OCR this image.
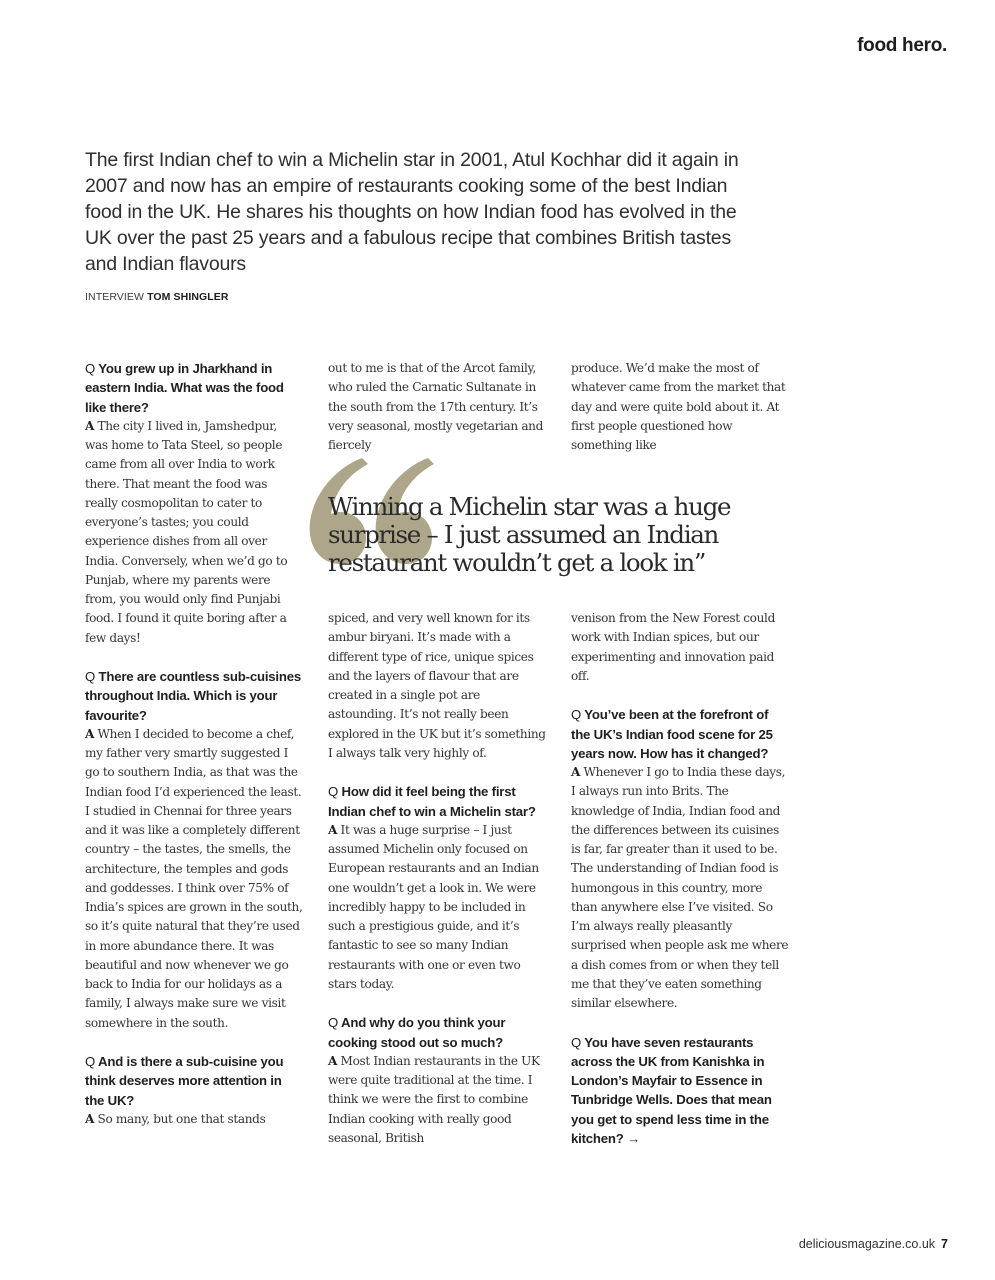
food hero.

The first Indian chef to win a Michelin star in 2001, Atul Kochhar did it again in 2007 and now has an empire of restaurants cooking some of the best Indian food in the UK. He shares his thoughts on how Indian food has evolved in the UK over the past 25 years and a fabulous recipe that combines British tastes and Indian flavours

INTERVIEW TOM SHINGLER

Q You grew up in Jharkhand in eastern India. What was the food like there?

A The city I lived in, Jamshedpur, was home to Tata Steel, so people came from all over India to work there. That meant the food was really cosmopolitan to cater to everyone’s tastes; you could experience dishes from all over India. Conversely, when we’d go to Punjab, where my parents were from, you would only find Punjabi food. I found it quite boring after a few days!

Q There are countless sub-cuisines throughout India. Which is your favourite?

A When I decided to become a chef, my father very smartly suggested I go to southern India, as that was the Indian food I’d experienced the least. I studied in Chennai for three years and it was like a completely different country – the tastes, the smells, the architecture, the temples and gods and goddesses. I think over 75% of India’s spices are grown in the south, so it’s quite natural that they’re used in more abundance there. It was beautiful and now whenever we go back to India for our holidays as a family, I always make sure we visit somewhere in the south.

Q And is there a sub-cuisine you think deserves more attention in the UK?

A So many, but one that stands

out to me is that of the Arcot family, who ruled the Carnatic Sultanate in the south from the 17th century. It’s very seasonal, mostly vegetarian and fiercely

produce. We’d make the most of whatever came from the market that day and were quite bold about it. At first people questioned how something like

Winning a Michelin star was a huge surprise – I just assumed an Indian restaurant wouldn’t get a look in”

spiced, and very well known for its ambur biryani. It’s made with a different type of rice, unique spices and the layers of flavour that are created in a single pot are astounding. It’s not really been explored in the UK but it’s something I always talk very highly of.

Q How did it feel being the first Indian chef to win a Michelin star?

A It was a huge surprise – I just assumed Michelin only focused on European restaurants and an Indian one wouldn’t get a look in. We were incredibly happy to be included in such a prestigious guide, and it’s fantastic to see so many Indian restaurants with one or even two stars today.

Q And why do you think your cooking stood out so much?

A Most Indian restaurants in the UK were quite traditional at the time. I think we were the first to combine Indian cooking with really good seasonal, British

venison from the New Forest could work with Indian spices, but our experimenting and innovation paid off.

Q You’ve been at the forefront of the UK’s Indian food scene for 25 years now. How has it changed?

A Whenever I go to India these days, I always run into Brits. The knowledge of India, Indian food and the differences between its cuisines is far, far greater than it used to be. The understanding of Indian food is humongous in this country, more than anywhere else I’ve visited. So I’m always really pleasantly surprised when people ask me where a dish comes from or when they tell me that they’ve eaten something similar elsewhere.

Q You have seven restaurants across the UK from Kanishka in London’s Mayfair to Essence in Tunbridge Wells. Does that mean you get to spend less time in the kitchen? →

deliciousmagazine.co.uk 7
